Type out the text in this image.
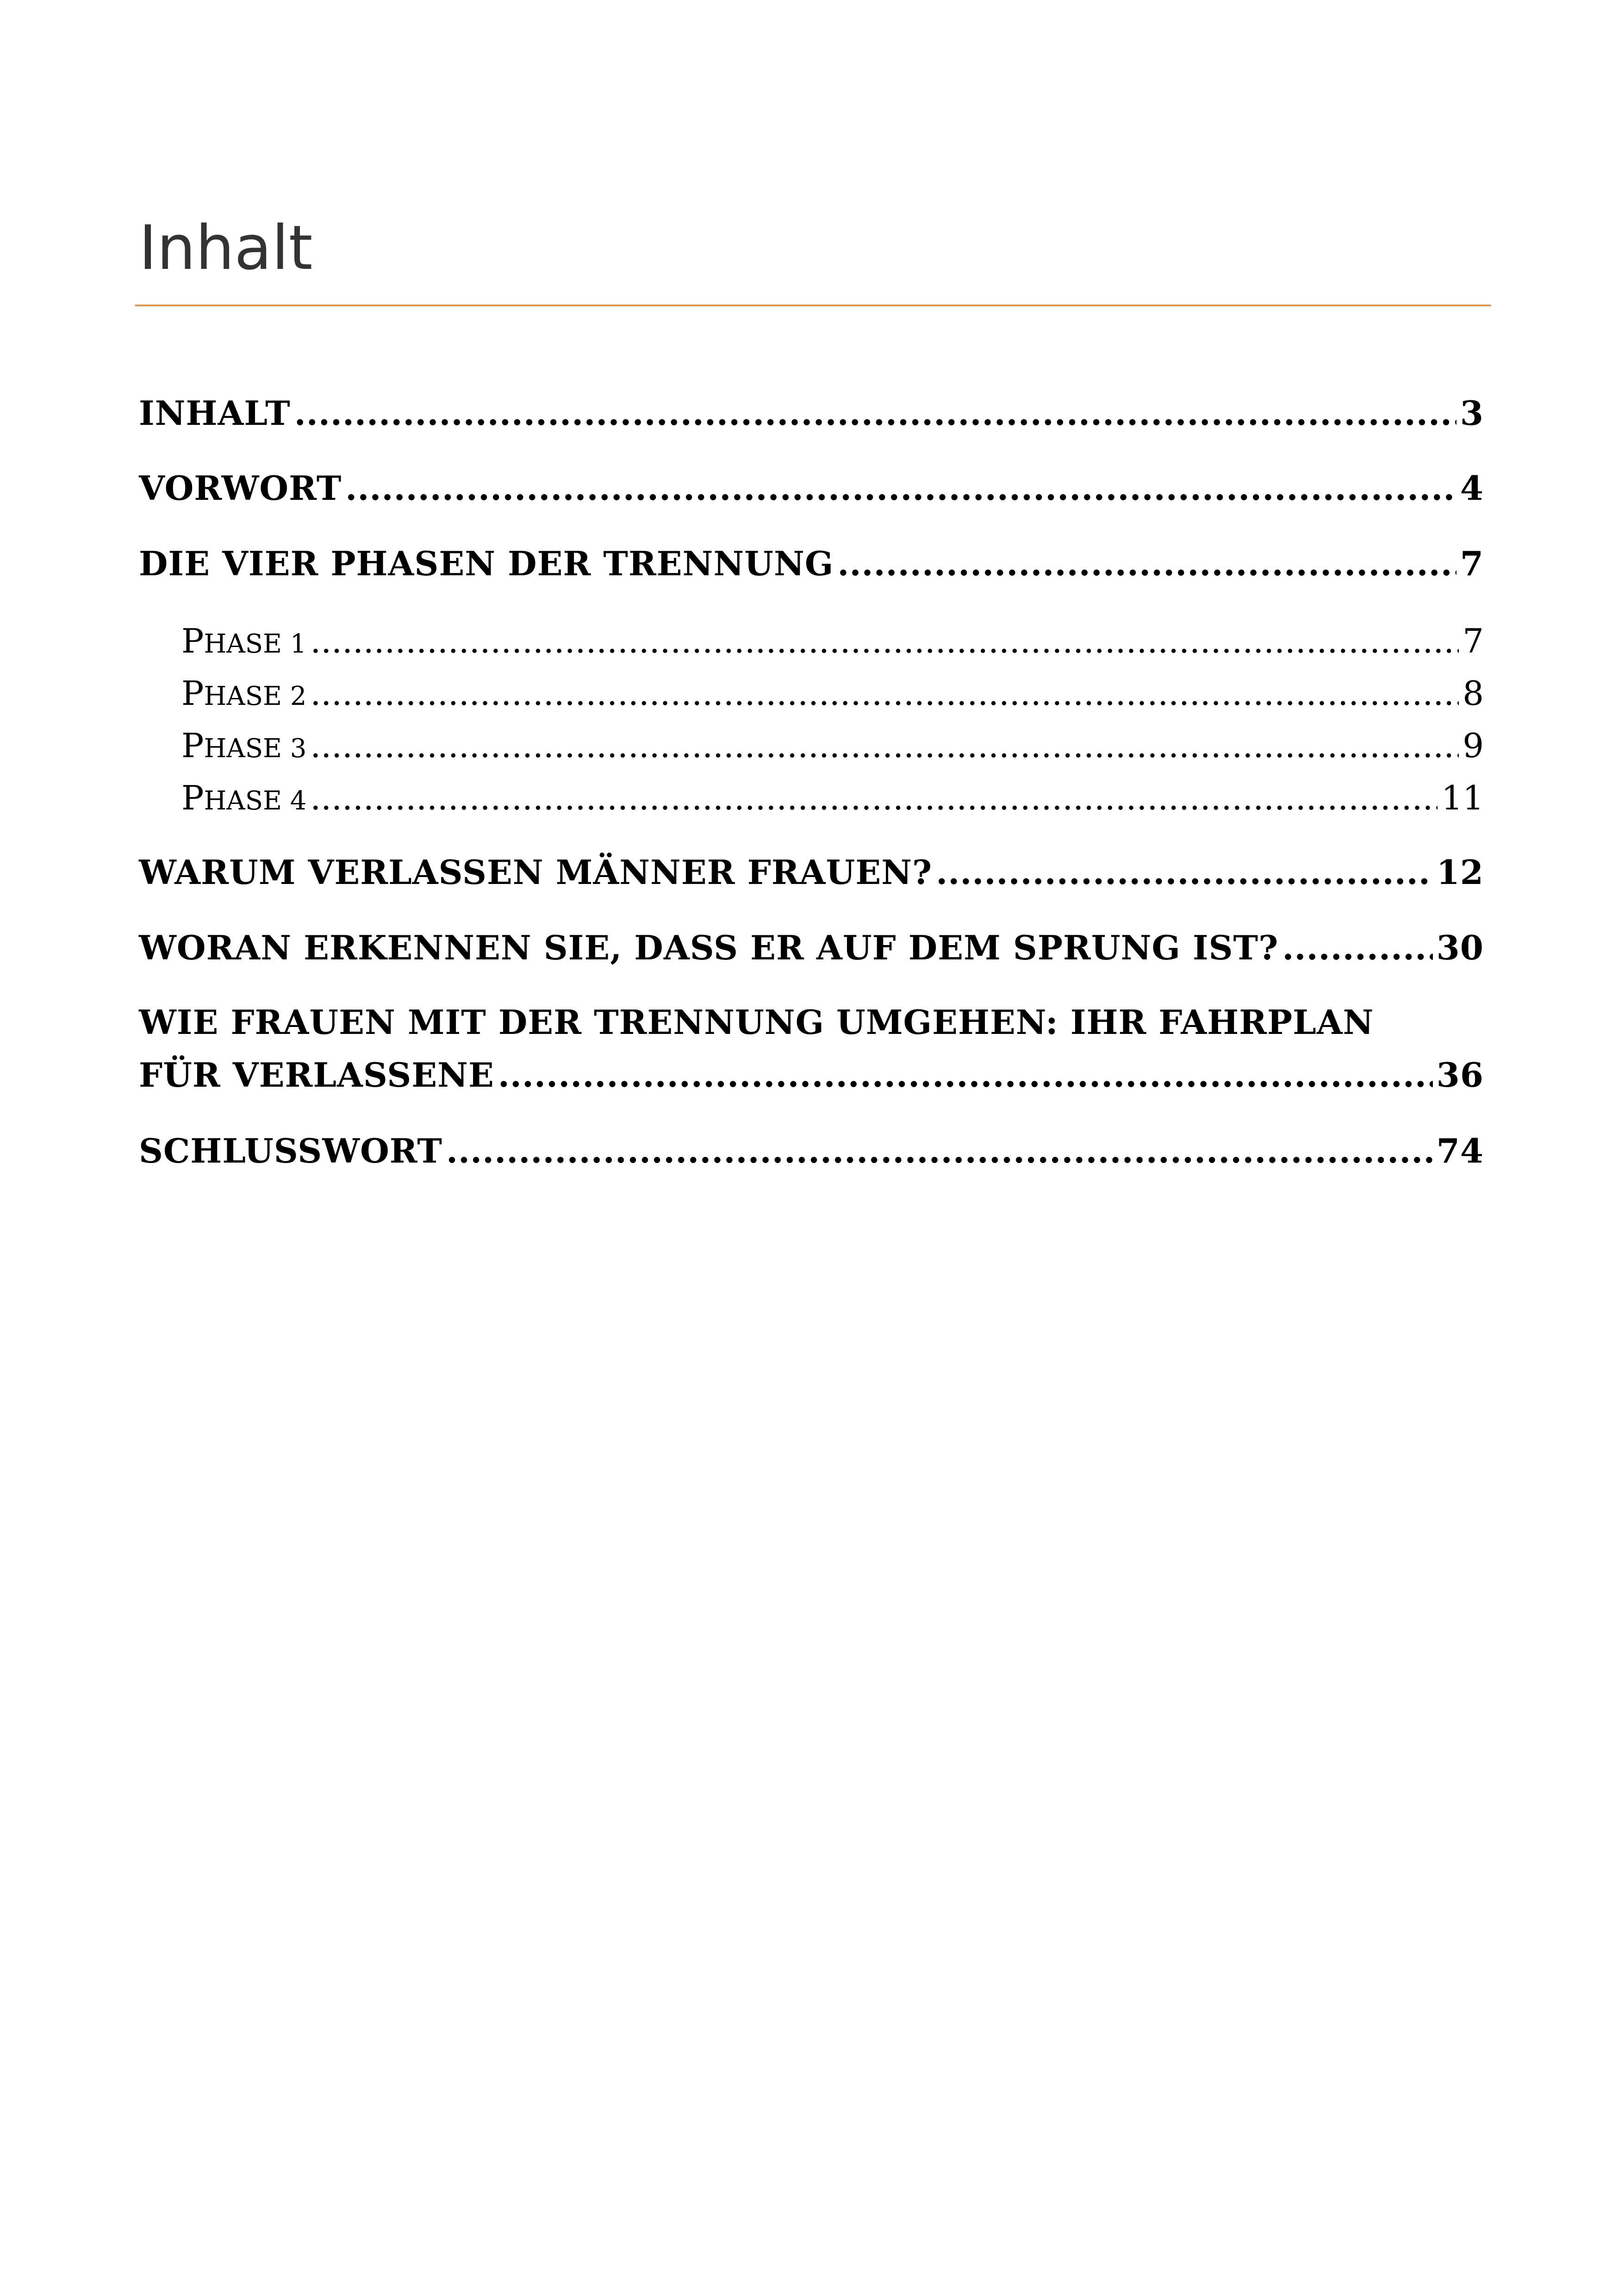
Inhalt
INHALT .....	3
VORWORT .....	4
DIE VIER PHASEN DER TRENNUNG .....	7
PHASE 1 .....	7
PHASE 2 .....	8
PHASE 3 .....	9
PHASE 4 .....	11
WARUM VERLASSEN MÄNNER FRAUEN? .....	12
WORAN ERKENNEN SIE, DASS ER AUF DEM SPRUNG IST? .....	30
WIE FRAUEN MIT DER TRENNUNG UMGEHEN: IHR FAHRPLAN
FÜR VERLASSENE .....	36
SCHLUSSWORT .....	74
